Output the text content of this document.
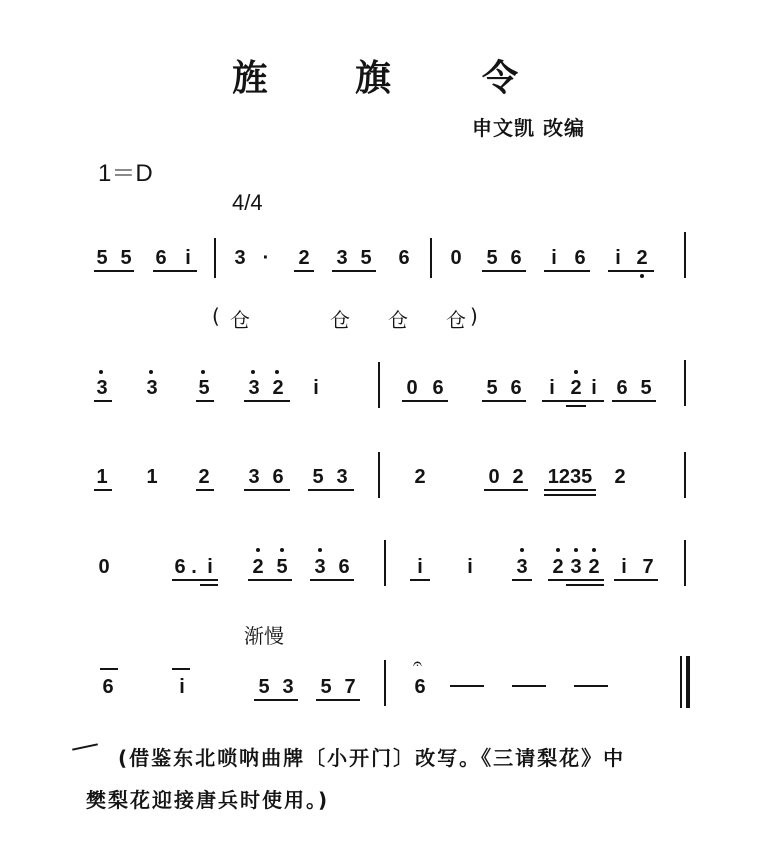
旌 旗	令
申文凯 改编
1＝D
4/4
5 5 6 i 3 · 2 3 5 6 0 5 6 i 6 i 2
( 仓	仓 仓 仓 )
3 3 5 3 2 i	0 6 5 6 i 2 i 6 5
1 1 2 3 6 5 3	2	0 2 1235 2
0	6 . i 2 5 3 6	i i 3 2 3 2 i 7
渐慢
6	i	5 3 5 7
𝄐
6
(借鉴东北唢呐曲牌〔小开门〕改写。《三请梨花》中
樊梨花迎接唐兵时使用。)
